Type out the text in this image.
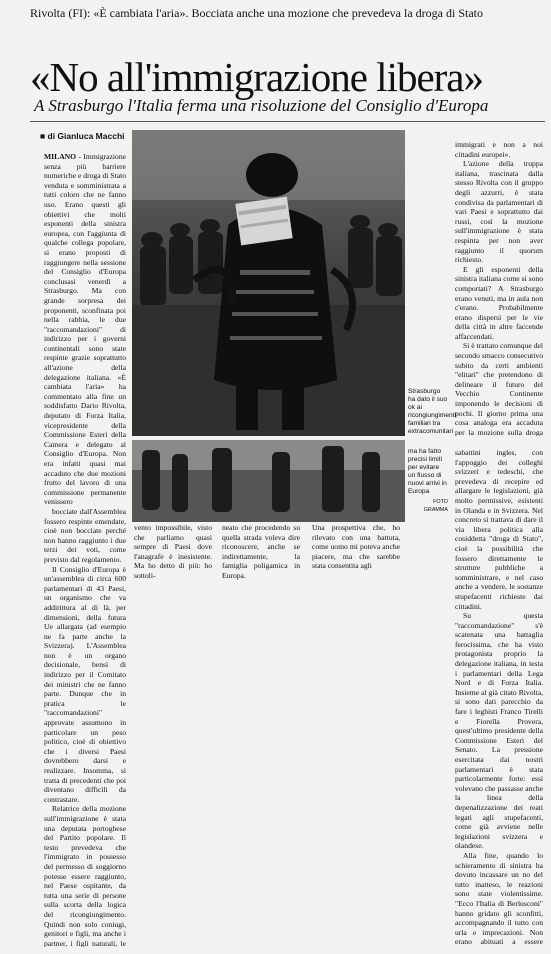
Rivolta (FI): «È cambiata l'aria». Bocciata anche una mozione che prevedeva la droga di Stato
«No all'immigrazione libera»
A Strasburgo l'Italia ferma una risoluzione del Consiglio d'Europa
■ di Gianluca Macchi

MILANO - Immigrazione senza più barriere numeriche e droga di Stato venduta e somministrata a tutti coloro che ne fanno uso. Erano questi gli obiettivi che molti esponenti della sinistra europea, con l'aggiunta di qualche collega popolare, si erano proposti di raggiungere nella sessione del Consiglio d'Europa conclusasi venerdì a Strasburgo. Ma con grande sorpresa dei proponenti, sconfinata poi nella rabbia, le due "raccomandazioni" di indirizzo per i governi continentali sono state respinte grazie soprattutto all'azione della delegazione italiana. «È cambiata l'aria» ha commentato alla fine un soddisfatto Dario Rivolta, deputato di Forza Italia, vicepresidente della Commissione Esteri della Camera e delegato al Consiglio d'Europa. Non era infatti quasi mai accaduto che due mozioni frutto del lavoro di una commissione permanente venissero

bocciate dall'Assemblea fossero respinte emendate, cioè non bocciate perché non hanno raggiunto i due terzi dei voti, come previsto dal regolamento.

Il Consiglio d'Europa è un'assemblea di circa 600 parlamentari di 43 Paesi, un organismo che va addirittura al di là, per dimensioni, della futura Ue allargata (ad esempio ne fa parte anche la Svizzera). L'Assemblea non è un organo decisionale, bensì di indirizzo per il Comitato dei ministri che ne fanno parte. Dunque che in pratica le "raccomandazioni" approvate assumono in particolare un peso politico, cioè di obiettivo che i diversi Paesi dovrebbero darsi e realizzare. Insomma, si tratta di precedenti che poi diventano difficili da contrastare.

Relatrice della mozione sull'immigrazione è stata una deputata portoghese del Partito popolare. Il testo prevedeva che l'immigrato in possesso del permesso di soggiorno potesse essere raggiunto, nel Paese ospitante, da tutta una serie di persone sulla scorta della logica del ricongiungimento. Quindi non solo coniugi, genitori e figli, ma anche i partner, i figli naturali, le

Strasburgo ha dato il suo ok ai ricongiungimenti familiari tra extracomunitari
ma ha fatto precisi limiti per evitare un flusso di nuovi arrivi in Europa
FOTO GRAMMA

vento impossibile, visto che parliamo quasi sempre di Paesi dove l'anagrafe è inesistente. Ma ho detto di più: ho sottoli-

neato che procedendo su quella strada voleva dire riconoscere, anche se indirettamente, la famiglia poligamica in Europa.

Una prospettiva che, ho rilevato con una battuta, come uomo mi poteva anche piacere, ma che sarebbe stata consentita agli

immigrati e non a noi cittadini europei».

L'azione della truppa italiana, trascinata dalla stesso Rivolta con il gruppo degli azzurri, è stata condivisa da parlamentari di vari Paesi e soprattutto dai russi, così la mozione sull'immigrazione è stata respinta per non aver raggiunto il quorum richiesto.

E gli esponenti della sinistra italiana come si sono comportati? A Strasburgo erano venuti, ma in aula non c'erano. Probabilmente erano dispersi per le vie della città in altre faccende affaccendati.

Si è trattato comunque del secondo smacco consecutivo subito da certi ambienti "elitari" che pretendono di delineare il futuro del Vecchio Continente imponendo le decisioni di pochi. Il giorno prima una cosa analoga era accaduta per la mozione sulla droga

sabattini ingles, con l'appoggio dei colleghi svizzeri e tedeschi, che prevedeva di recepire ed allargare le legislazioni, già molto permissive, esistenti in Olanda e in Svizzera. Nel concreto si trattava di dare il via libera politica alla cosiddetta "droga di Stato", cioè la possibilità che fossero direttamente le strutture pubbliche a somministrare, e nel caso anche a vendere, le sostanze stupefacenti richieste dai cittadini.

Su questa "raccomandazione" s'è scatenata una battaglia ferocissima, che ha visto protagonista proprio la delegazione italiana, in testa i parlamentari della Lega Nord e di Forza Italia. Insieme al già citato Rivolta, si sono dati parecchio da fare i leghisti Franco Tirelli e Fiorella Provera, quest'ultimo presidente della Commissione Esteri del Senato. La pressione esercitata dai nostri parlamentari è stata particolarmente forte: essi volevano che passasse anche la linea della depenalizzazione dei reati legati agli stupefacenti, come già avviene nelle legislazioni svizzera e olandese.

Alla fine, quando lo schieramento di sinistra ha dovuto incassare un no del tutto inatteso, le reazioni sono state violentissime. "Ecco l'Italia di Berlusconi" hanno gridato gli sconfitti, accompagnando il tutto con urla e imprecazioni. Non erano abituati a essere
